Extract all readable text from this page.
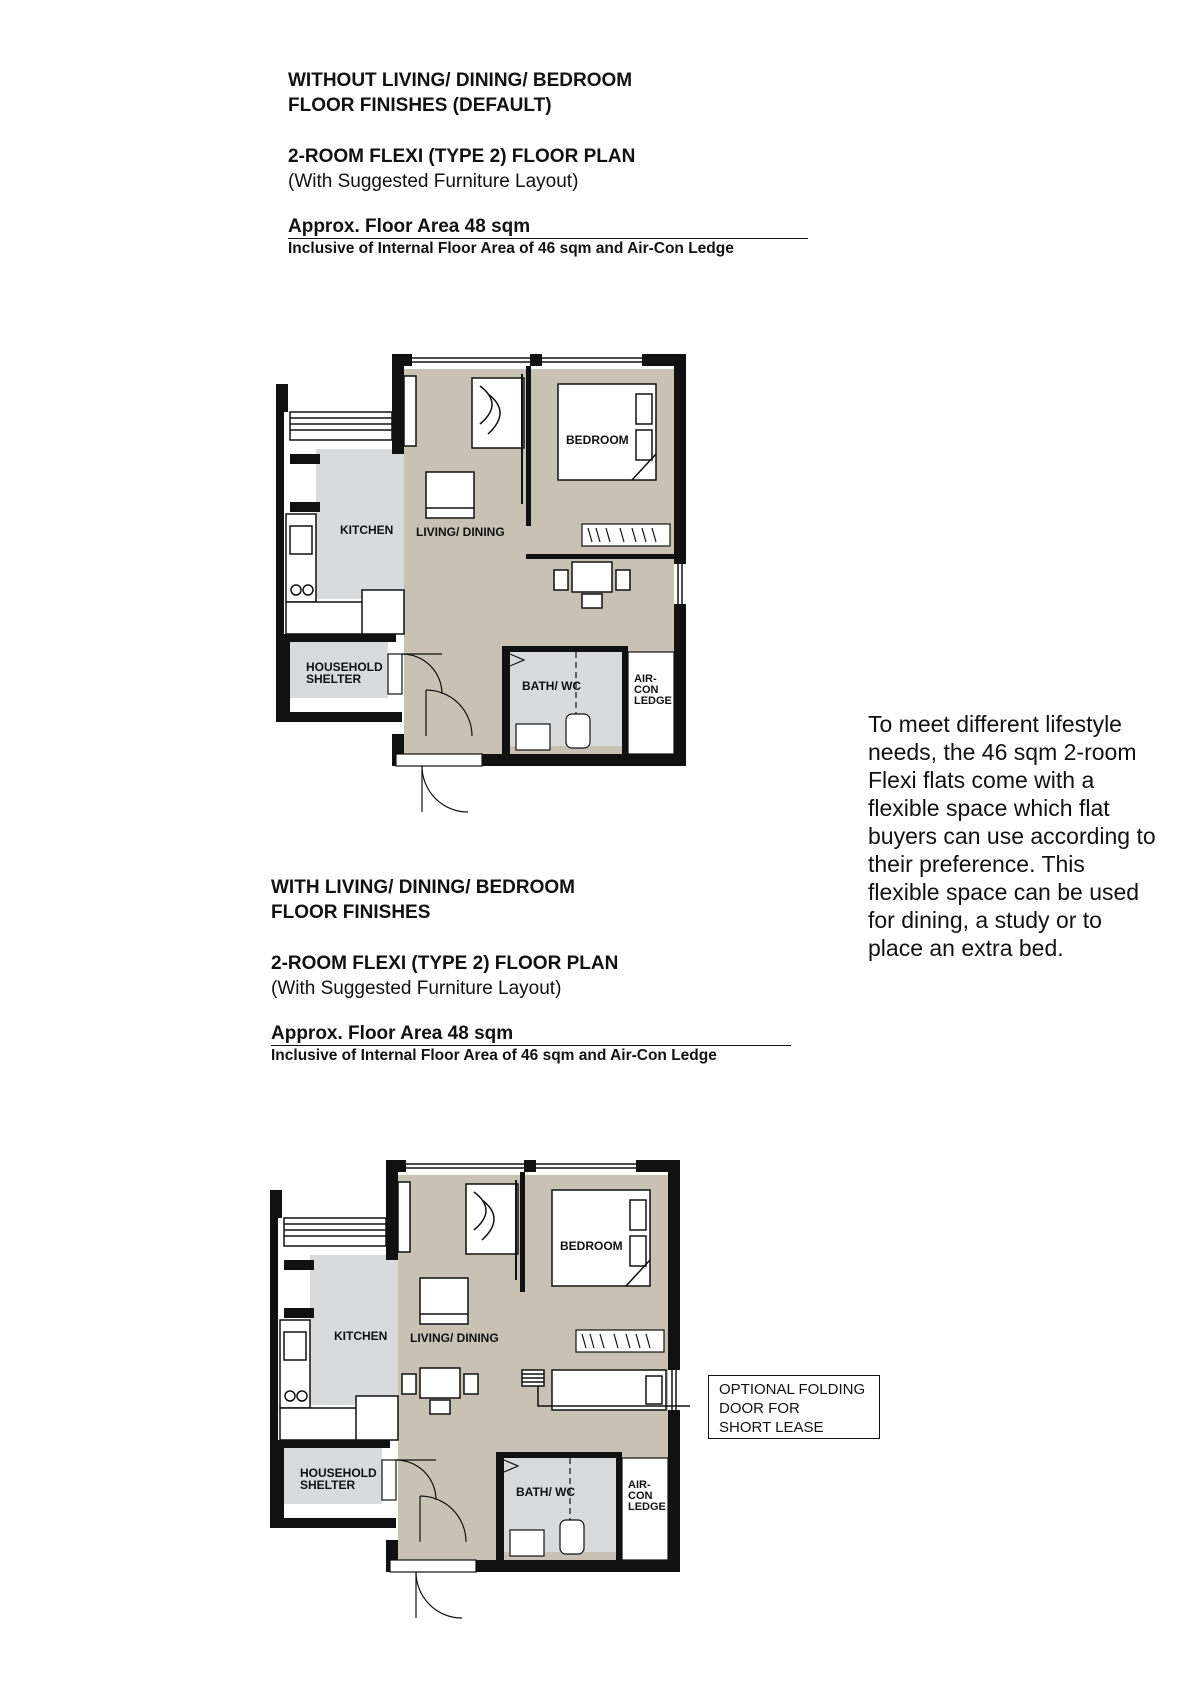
WITHOUT LIVING/ DINING/ BEDROOM
FLOOR FINISHES (DEFAULT)
2-ROOM FLEXI (TYPE 2) FLOOR PLAN
(With Suggested Furniture Layout)
Approx. Floor Area 48 sqm
Inclusive of Internal Floor Area of 46 sqm and Air-Con Ledge
BEDROOM
KITCHEN LIVING/ DINING
HOUSEHOLD
SHELTER	BATH/ WC	AIR-
CON
LEDGE
To meet different lifestyle needs, the 46 sqm 2-room Flexi flats come with a flexible space which flat buyers can use according to their preference. This flexible space can be used for dining, a study or to place an extra bed.
WITH LIVING/ DINING/ BEDROOM
FLOOR FINISHES
2-ROOM FLEXI (TYPE 2) FLOOR PLAN
(With Suggested Furniture Layout)
Approx. Floor Area 48 sqm
Inclusive of Internal Floor Area of 46 sqm and Air-Con Ledge
BEDROOM
KITCHEN LIVING/ DINING
HOUSEHOLD
SHELTER	BATH/ WC	AIR-
CON
LEDGE
OPTIONAL FOLDING
DOOR FOR
SHORT LEASE
